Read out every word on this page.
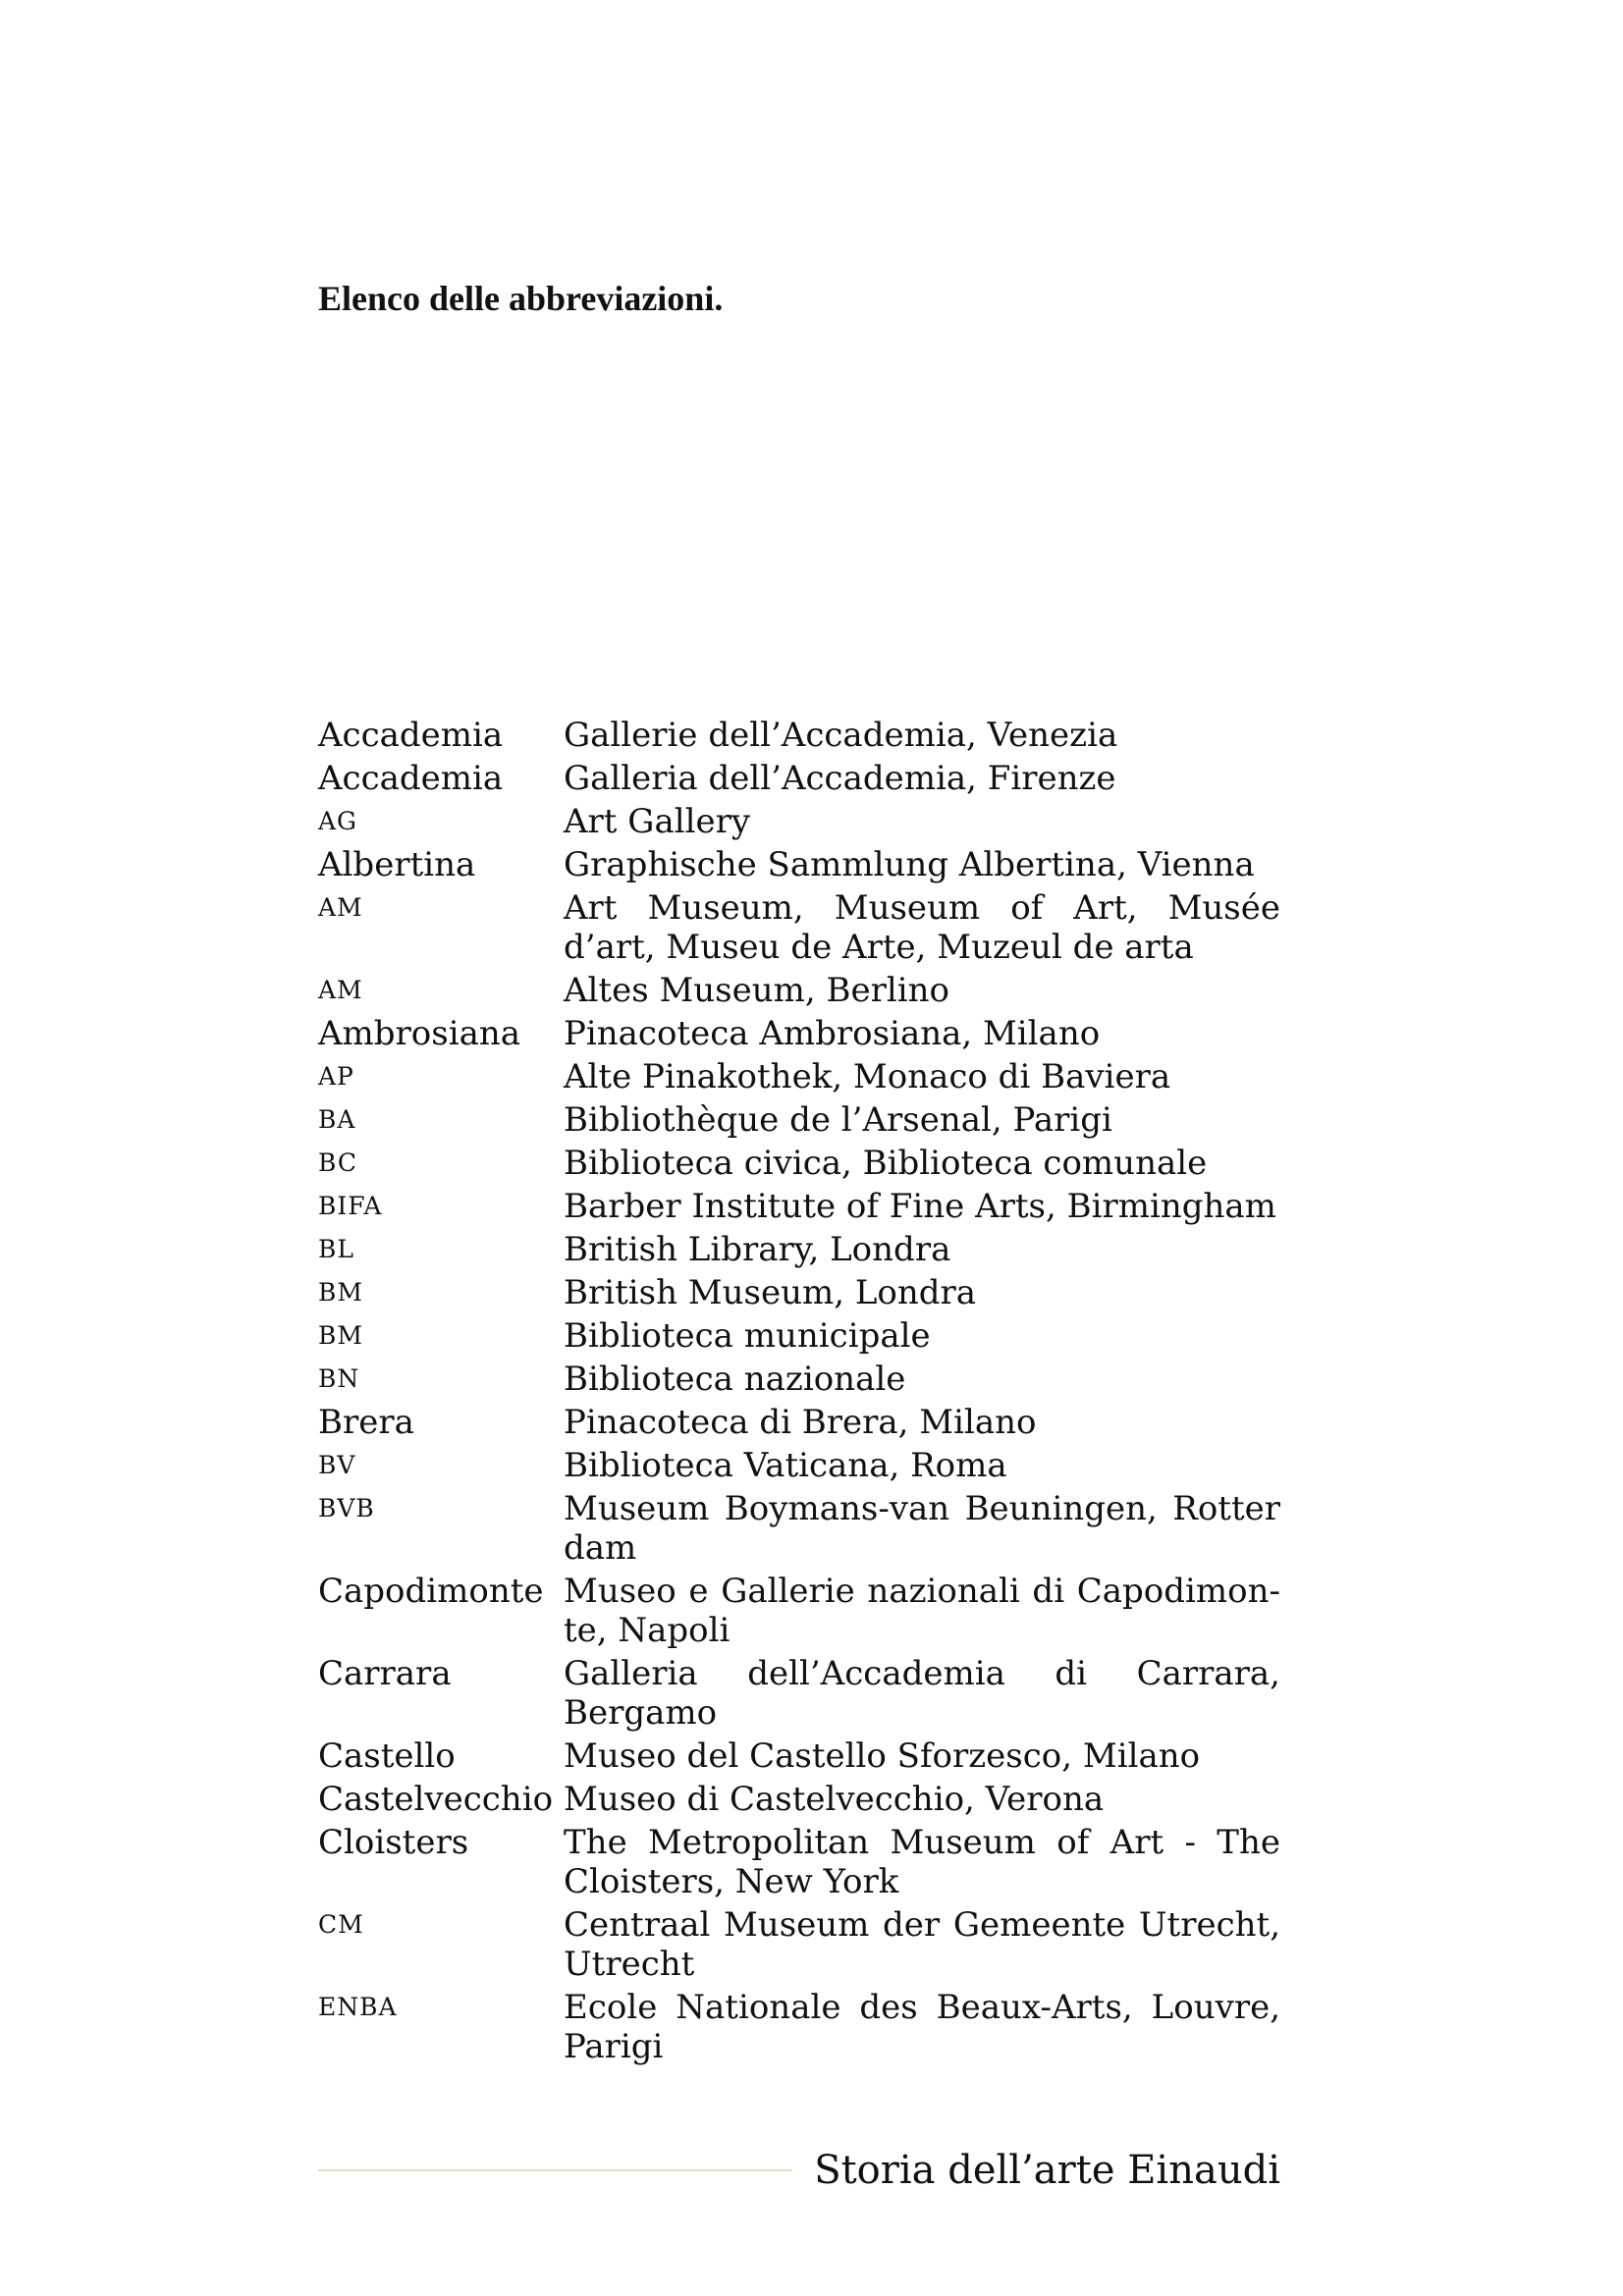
Elenco delle abbreviazioni.
Accademia	Gallerie dell’Accademia, Venezia
Accademia	Galleria dell’Accademia, Firenze
AG	Art Gallery
Albertina	Graphische Sammlung Albertina, Vienna
AM	Art Museum, Museum of Art, Musée d’art, Museu de Arte, Muzeul de arta
AM	Altes Museum, Berlino
Ambrosiana	Pinacoteca Ambrosiana, Milano
AP	Alte Pinakothek, Monaco di Baviera
BA	Bibliothèque de l’Arsenal, Parigi
BC	Biblioteca civica, Biblioteca comunale
BIFA	Barber Institute of Fine Arts, Birmingham
BL	British Library, Londra
BM	British Museum, Londra
BM	Biblioteca municipale
BN	Biblioteca nazionale
Brera	Pinacoteca di Brera, Milano
BV	Biblioteca Vaticana, Roma
BVB	Museum Boymans-van Beuningen, Rotter dam
Capodimonte Museo e Gallerie nazionali di Capodimon-te, Napoli
Carrara	Galleria dell’Accademia di Carrara, Bergamo
Castello	Museo del Castello Sforzesco, Milano
Castelvecchio Museo di Castelvecchio, Verona
Cloisters	The Metropolitan Museum of Art - The Cloisters, New York
CM	Centraal Museum der Gemeente Utrecht, Utrecht
ENBA	Ecole Nationale des Beaux-Arts, Louvre, Parigi
Storia dell’arte Einaudi
